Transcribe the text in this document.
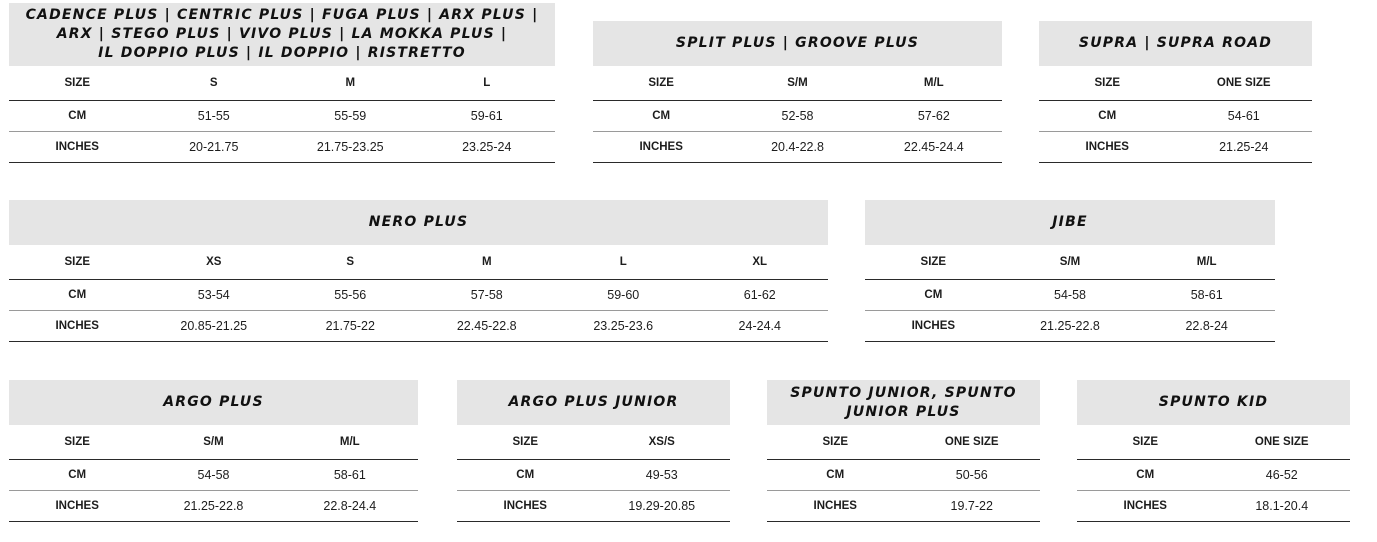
CADENCE PLUS | CENTRIC PLUS | FUGA PLUS | ARX PLUS |
ARX | STEGO PLUS | VIVO PLUS | LA MOKKA PLUS |
IL DOPPIO PLUS | IL DOPPIO | RISTRETTO
SIZE	S	M	L
CM	51-55	55-59	59-61
INCHES	20-21.75	21.75-23.25	23.25-24
SPLIT PLUS | GROOVE PLUS
SIZE	S/M	M/L
CM	52-58	57-62
INCHES	20.4-22.8	22.45-24.4
SUPRA | SUPRA ROAD
SIZE	ONE SIZE
CM	54-61
INCHES	21.25-24
NERO PLUS
SIZE	XS	S	M	L	XL
CM	53-54	55-56	57-58	59-60	61-62
INCHES	20.85-21.25	21.75-22	22.45-22.8	23.25-23.6	24-24.4
JIBE
SIZE	S/M	M/L
CM	54-58	58-61
INCHES	21.25-22.8	22.8-24
ARGO PLUS
SIZE	S/M	M/L
CM	54-58	58-61
INCHES	21.25-22.8	22.8-24.4
ARGO PLUS JUNIOR
SIZE	XS/S
CM	49-53
INCHES	19.29-20.85
SPUNTO JUNIOR, SPUNTO
JUNIOR PLUS
SIZE	ONE SIZE
CM	50-56
INCHES	19.7-22
SPUNTO KID
SIZE	ONE SIZE
CM	46-52
INCHES	18.1-20.4
